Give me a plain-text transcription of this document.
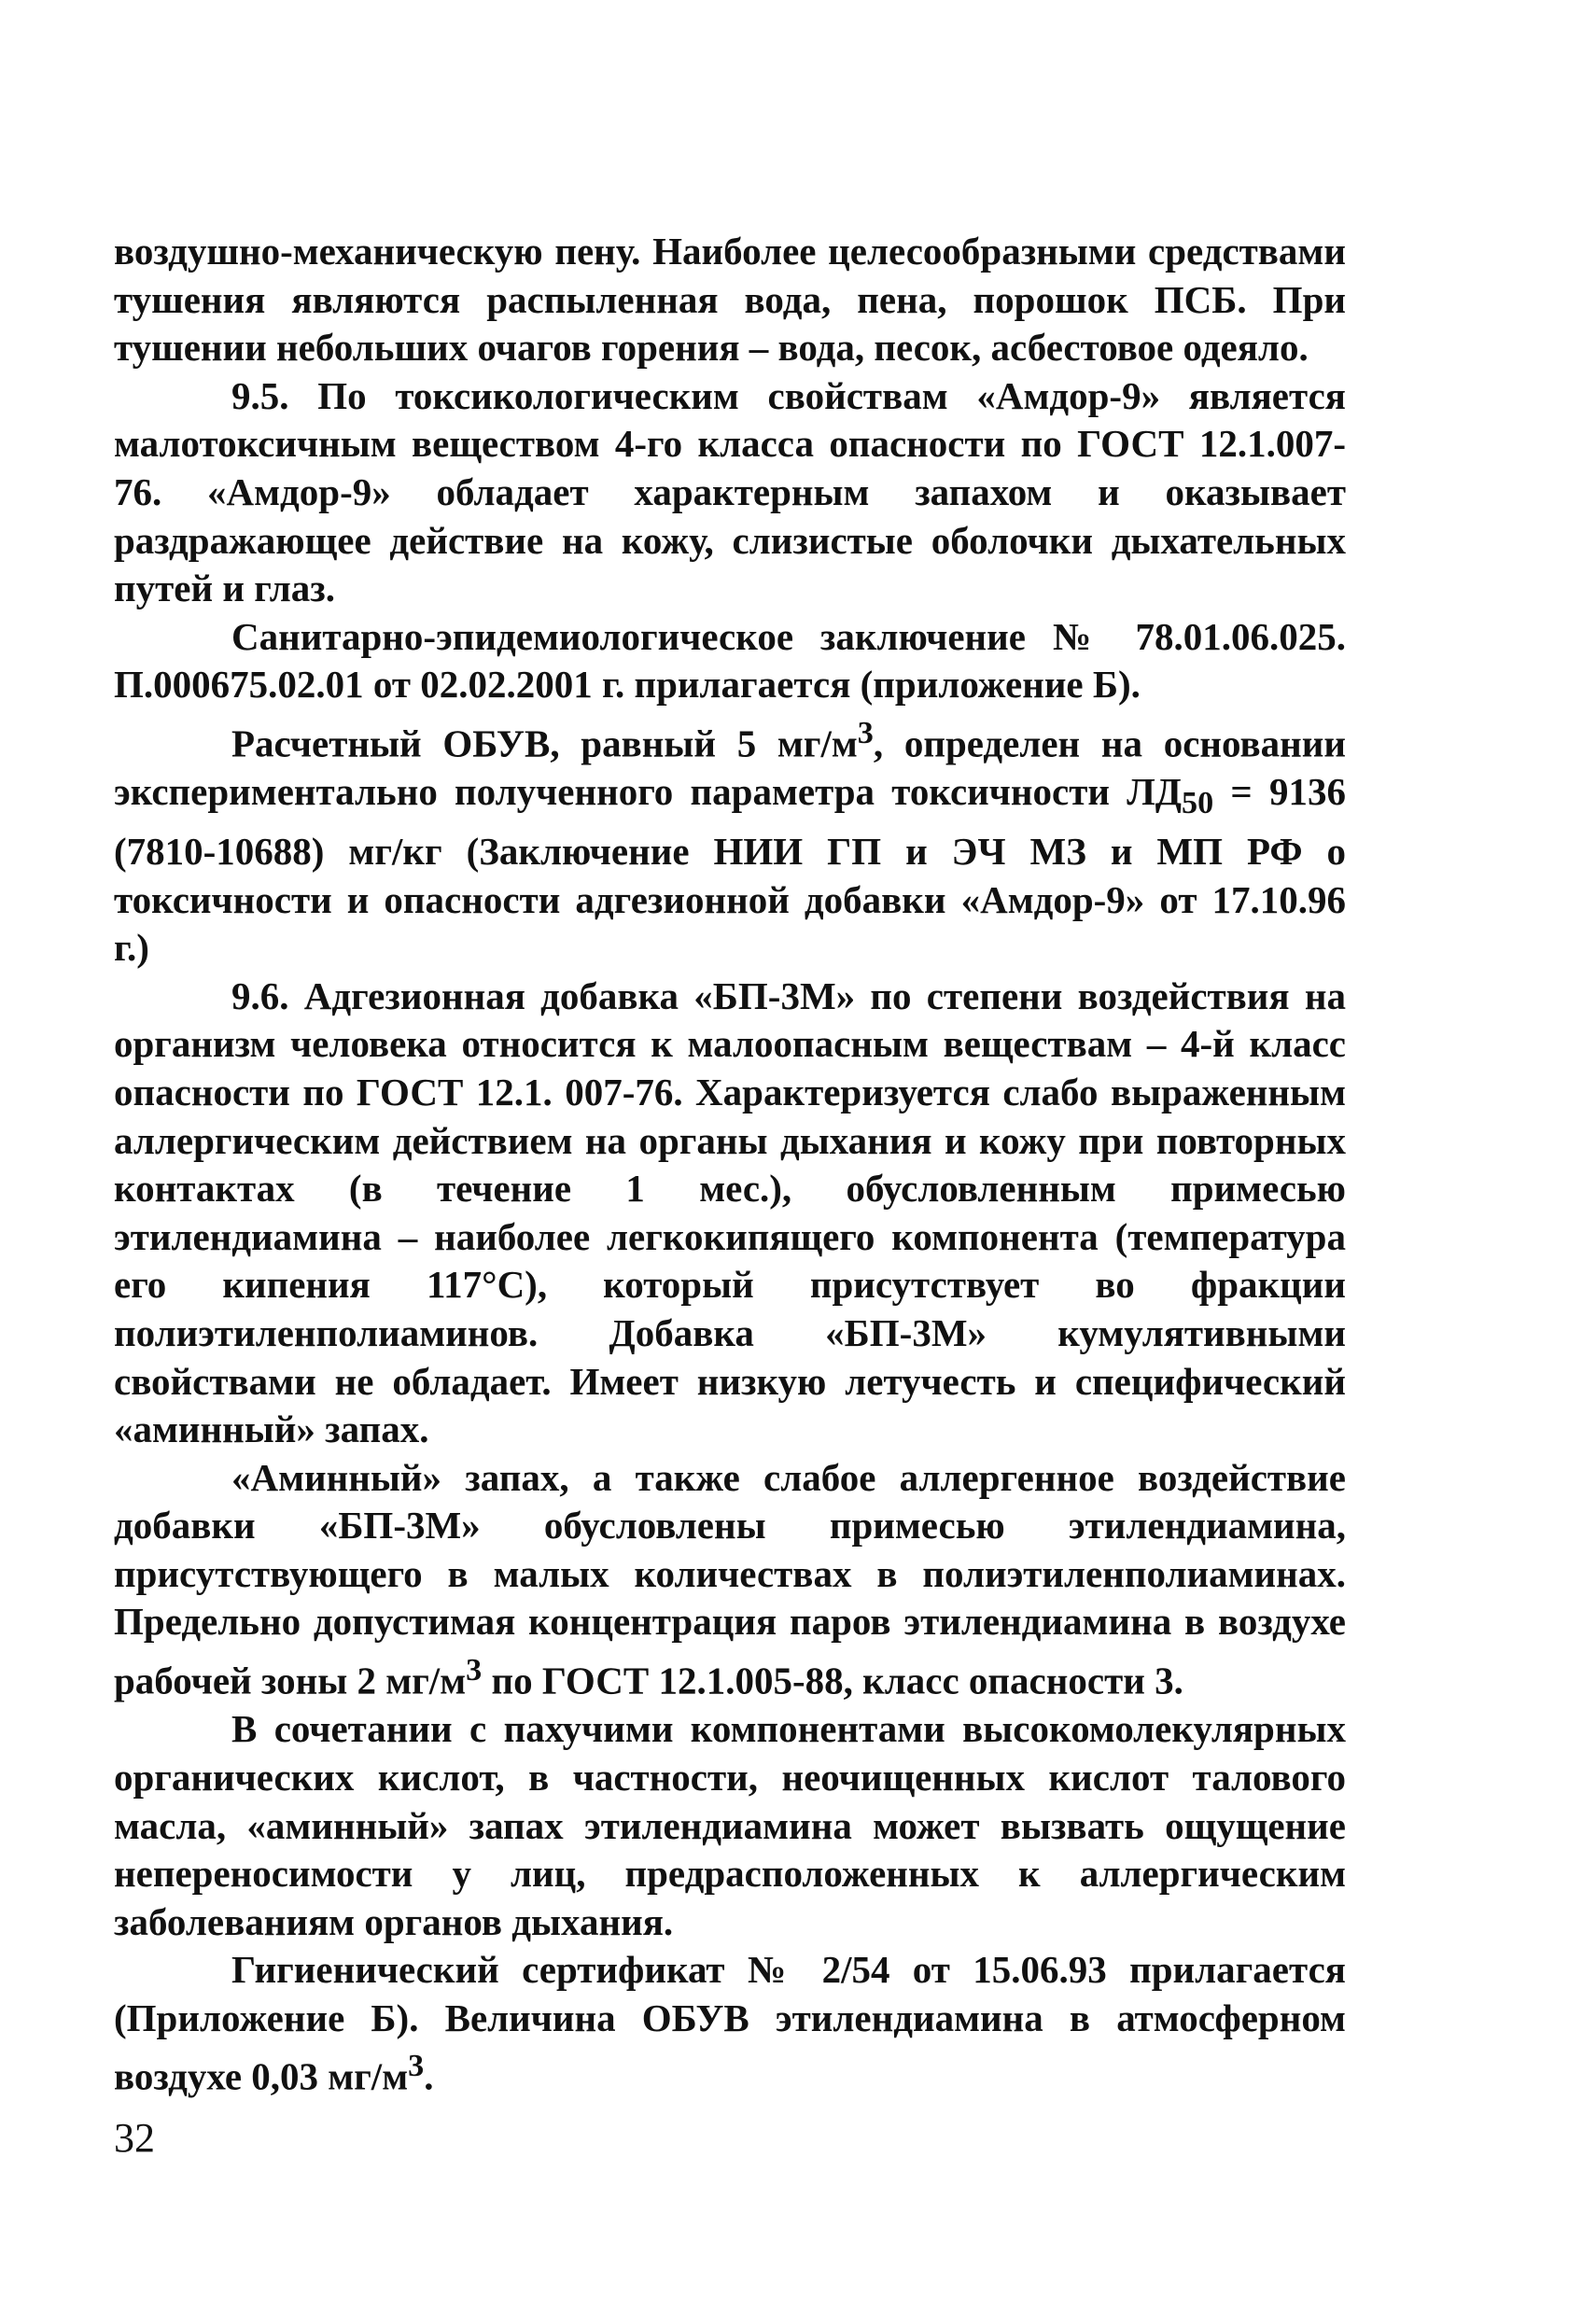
воздушно-механическую пену. Наиболее целесообразными средствами тушения являются распыленная вода, пена, порошок ПСБ. При тушении небольших очагов горения – вода, песок, асбестовое одеяло.

9.5. По токсикологическим свойствам «Амдор-9» является малотоксичным веществом 4-го класса опасности по ГОСТ 12.1.007-76. «Амдор-9» обладает характерным запахом и оказывает раздражающее действие на кожу, слизистые оболочки дыхательных путей и глаз.

Санитарно-эпидемиологическое заключение № 78.01.06.025. П.000675.02.01 от 02.02.2001 г. прилагается (приложение Б).

Расчетный ОБУВ, равный 5 $мг/м^3$, определен на основании экспериментально полученного параметра токсичности $ЛД_{50} = 9136$ (7810-10688) мг/кг (Заключение НИИ ГП и ЭЧ МЗ и МП РФ о токсичности и опасности адгезионной добавки «Амдор-9» от 17.10.96 г.)

9.6. Адгезионная добавка «БП-3М» по степени воздействия на организм человека относится к малоопасным веществам – 4-й класс опасности по ГОСТ 12.1. 007-76. Характеризуется слабо выраженным аллергическим действием на органы дыхания и кожу при повторных контактах (в течение 1 мес.), обусловленным примесью этилендиамина – наиболее легкокипящего компонента (температура его кипения 117°С), который присутствует во фракции полиэтиленполиаминов. Добавка «БП-3М» кумулятивными свойствами не обладает. Имеет низкую летучесть и специфический «аминный» запах.

«Аминный» запах, а также слабое аллергенное воздействие добавки «БП-3М» обусловлены примесью этилендиамина, присутствующего в малых количествах в полиэтиленполиаминах. Предельно допустимая концентрация паров этилендиамина в воздухе рабочей зоны 2 $мг/м^3$ по ГОСТ 12.1.005-88, класс опасности 3.

В сочетании с пахучими компонентами высокомолекулярных органических кислот, в частности, неочищенных кислот талового масла, «аминный» запах этилендиамина может вызвать ощущение непереносимости у лиц, предрасположенных к аллергическим заболеваниям органов дыхания.

Гигиенический сертификат № 2/54 от 15.06.93 прилагается (Приложение Б). Величина ОБУВ этилендиамина в атмосферном воздухе 0,03 $мг/м^3$.

32
